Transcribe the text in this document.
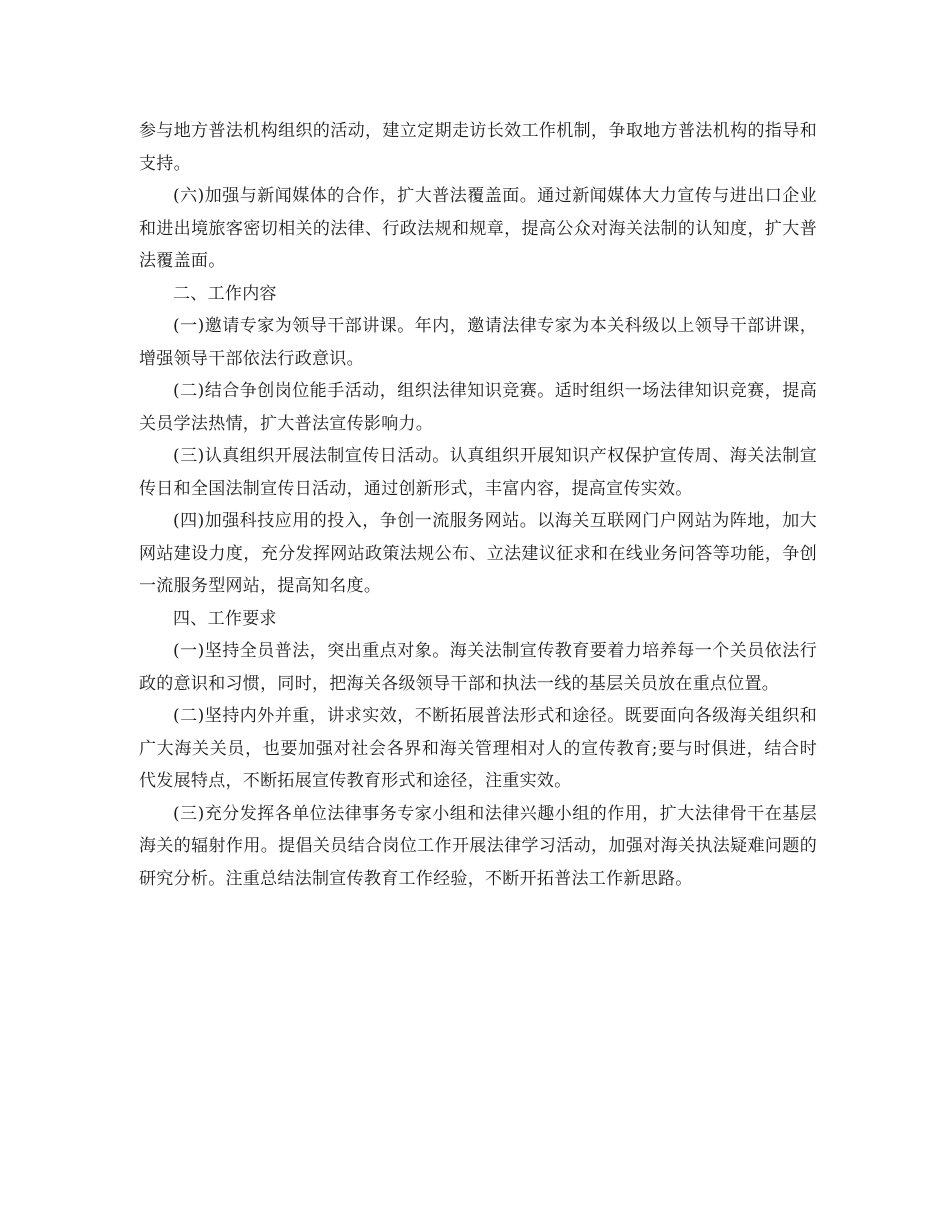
参与地方普法机构组织的活动，建立定期走访长效工作机制，争取地方普法机构的指导和支持。

(六)加强与新闻媒体的合作，扩大普法覆盖面。通过新闻媒体大力宣传与进出口企业和进出境旅客密切相关的法律、行政法规和规章，提高公众对海关法制的认知度，扩大普法覆盖面。

二、工作内容

(一)邀请专家为领导干部讲课。年内，邀请法律专家为本关科级以上领导干部讲课，增强领导干部依法行政意识。

(二)结合争创岗位能手活动，组织法律知识竞赛。适时组织一场法律知识竞赛，提高关员学法热情，扩大普法宣传影响力。

(三)认真组织开展法制宣传日活动。认真组织开展知识产权保护宣传周、海关法制宣传日和全国法制宣传日活动，通过创新形式，丰富内容，提高宣传实效。

(四)加强科技应用的投入，争创一流服务网站。以海关互联网门户网站为阵地，加大网站建设力度，充分发挥网站政策法规公布、立法建议征求和在线业务问答等功能，争创一流服务型网站，提高知名度。

四、工作要求

(一)坚持全员普法，突出重点对象。海关法制宣传教育要着力培养每一个关员依法行政的意识和习惯，同时，把海关各级领导干部和执法一线的基层关员放在重点位置。

(二)坚持内外并重，讲求实效，不断拓展普法形式和途径。既要面向各级海关组织和广大海关关员，也要加强对社会各界和海关管理相对人的宣传教育;要与时俱进，结合时代发展特点，不断拓展宣传教育形式和途径，注重实效。

(三)充分发挥各单位法律事务专家小组和法律兴趣小组的作用，扩大法律骨干在基层海关的辐射作用。提倡关员结合岗位工作开展法律学习活动，加强对海关执法疑难问题的研究分析。注重总结法制宣传教育工作经验，不断开拓普法工作新思路。
